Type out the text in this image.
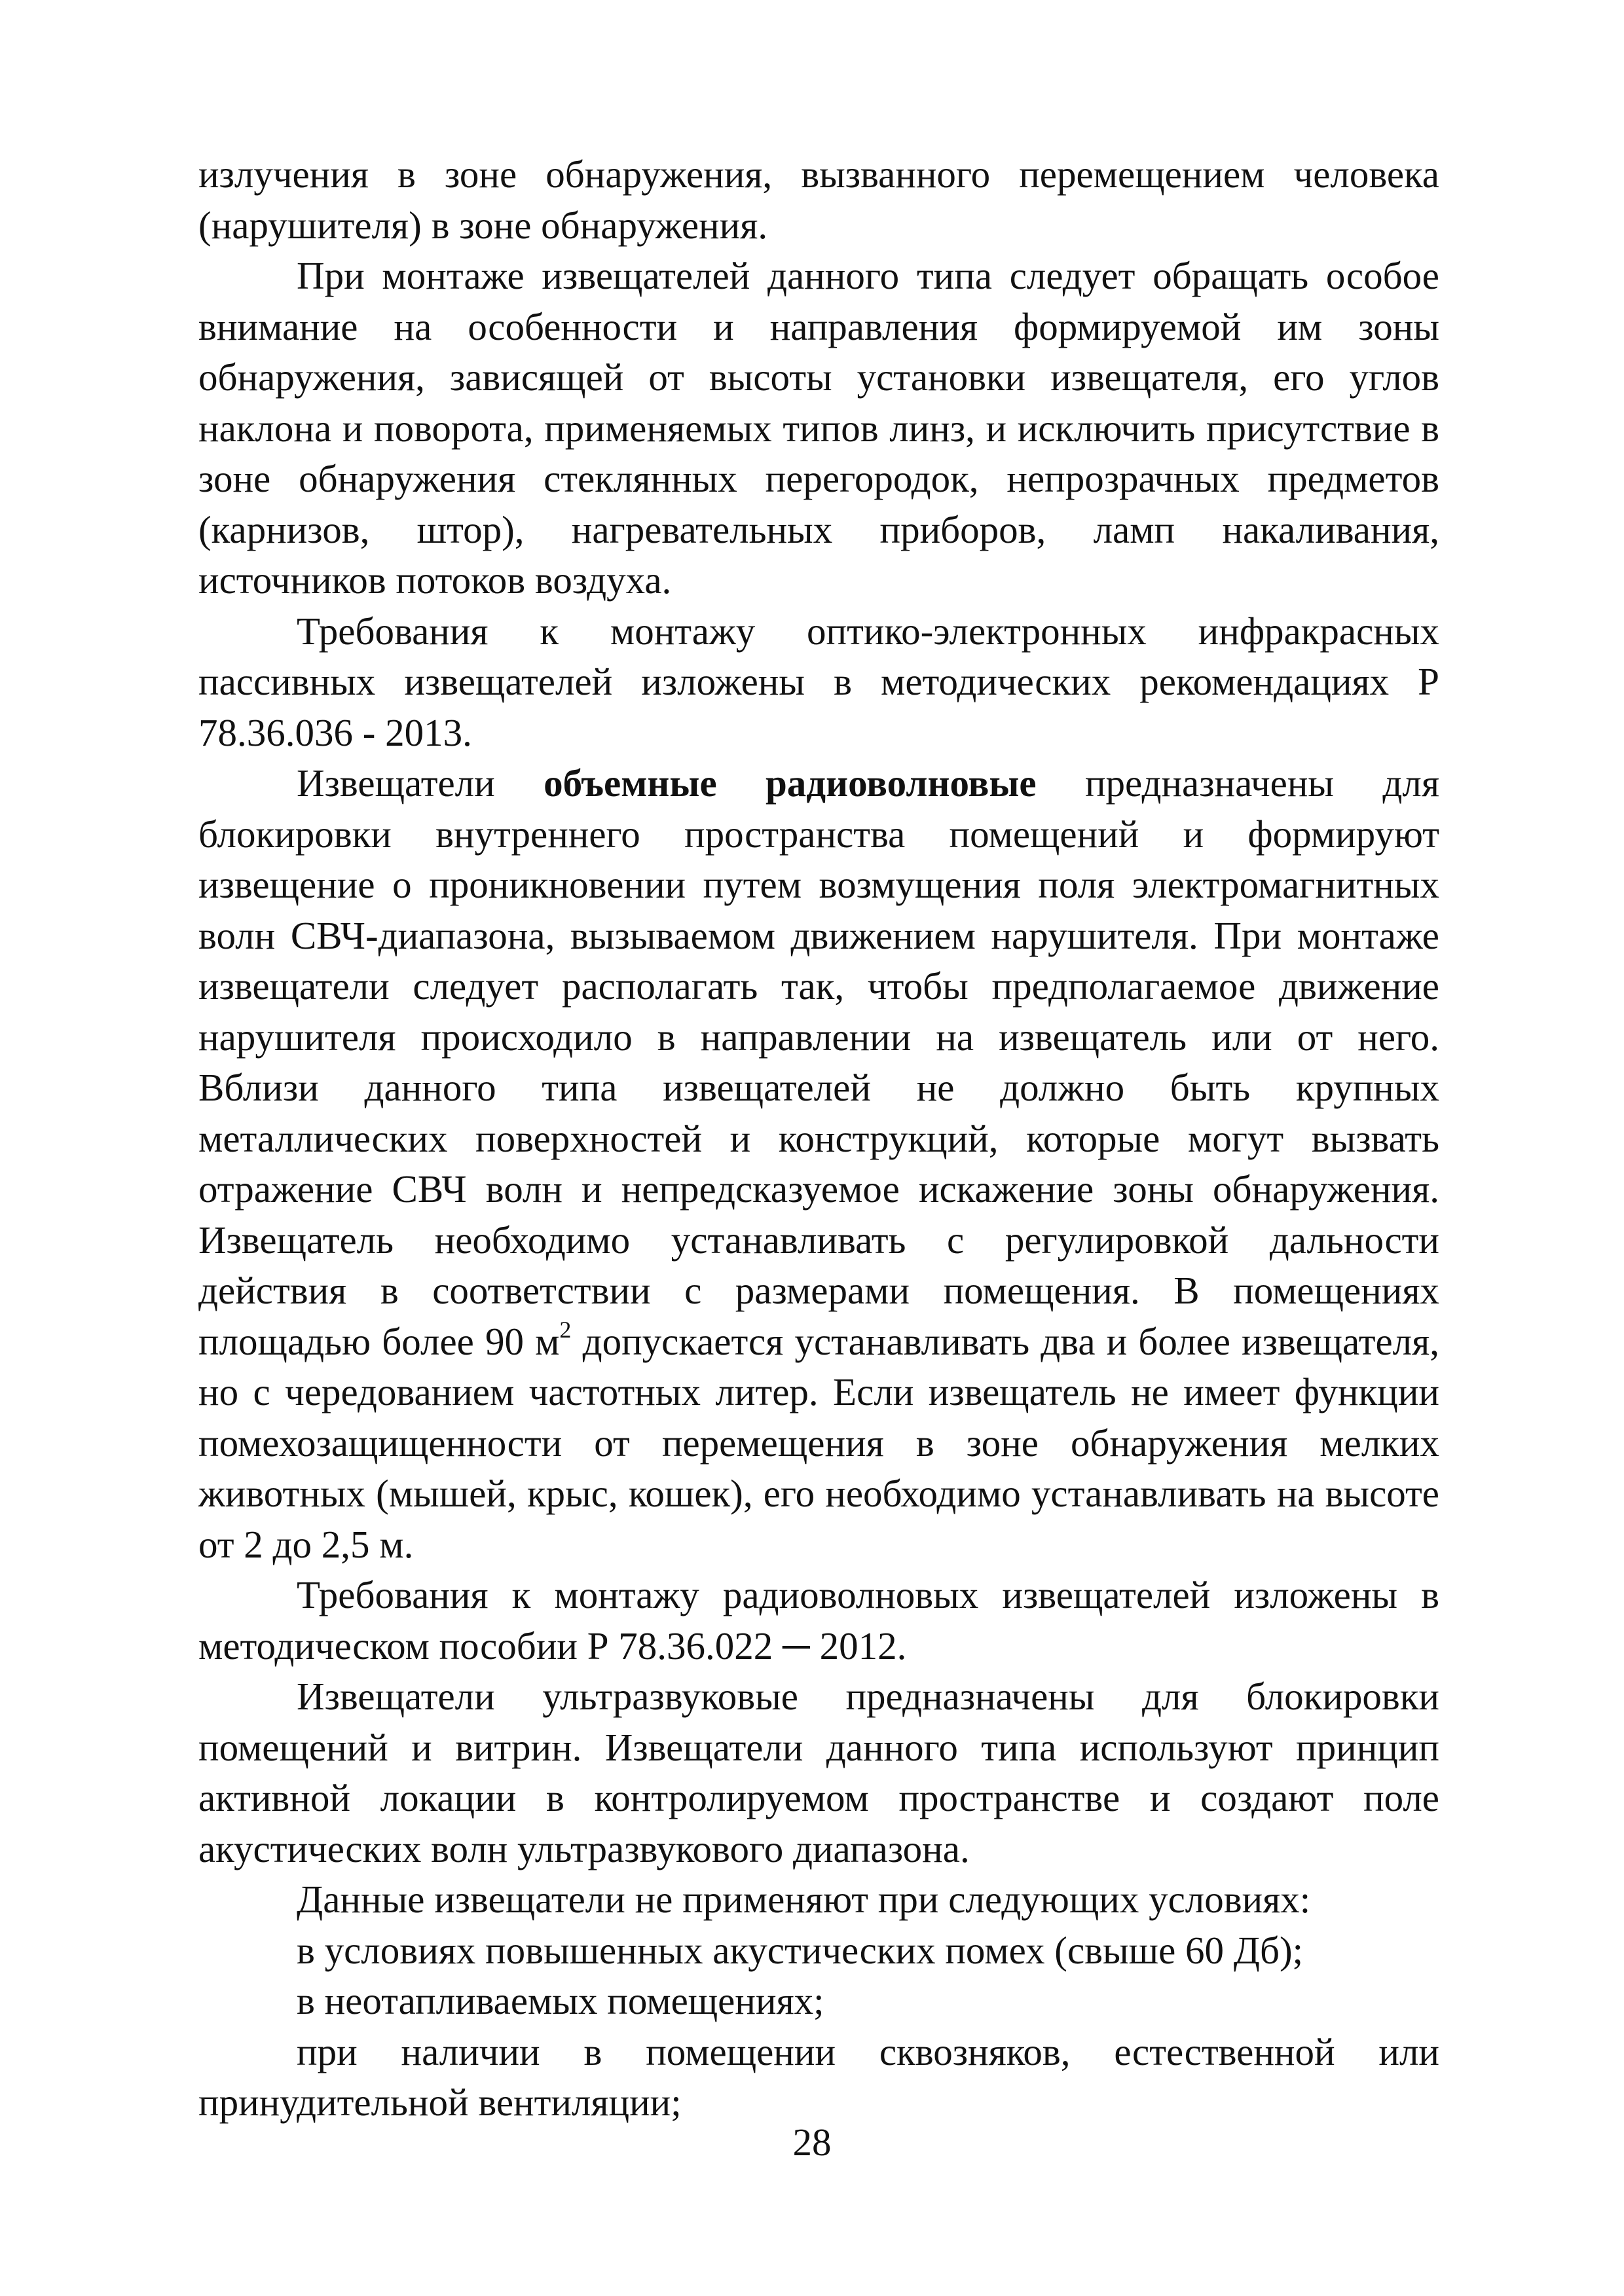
излучения в зоне обнаружения, вызванного перемещением человека (нарушителя) в зоне обнаружения.

При монтаже извещателей данного типа следует обращать особое внимание на особенности и направления формируемой им зоны обнаружения, зависящей от высоты установки извещателя, его углов наклона и поворота, применяемых типов линз, и исключить присутствие в зоне обнаружения стеклянных перегородок, непрозрачных предметов (карнизов, штор), нагревательных приборов, ламп накаливания, источников потоков воздуха.

Требования к монтажу оптико-электронных инфракрасных пассивных извещателей изложены в методических рекомендациях Р 78.36.036 - 2013.

Извещатели объемные радиоволновые предназначены для блокировки внутреннего пространства помещений и формируют извещение о проникновении путем возмущения поля электромагнитных волн СВЧ-диапазона, вызываемом движением нарушителя. При монтаже извещатели следует располагать так, чтобы предполагаемое движение нарушителя происходило в направлении на извещатель или от него. Вблизи данного типа извещателей не должно быть крупных металлических поверхностей и конструкций, которые могут вызвать отражение СВЧ волн и непредсказуемое искажение зоны обнаружения. Извещатель необходимо устанавливать с регулировкой дальности действия в соответствии с размерами помещения. В помещениях площадью более 90 $м^2$ допускается устанавливать два и более извещателя, но с чередованием частотных литер. Если извещатель не имеет функции помехозащищенности от перемещения в зоне обнаружения мелких животных (мышей, крыс, кошек), его необходимо устанавливать на высоте от 2 до 2,5 м.

Требования к монтажу радиоволновых извещателей изложены в методическом пособии Р 78.36.022 ─ 2012.

Извещатели ультразвуковые предназначены для блокировки помещений и витрин. Извещатели данного типа используют принцип активной локации в контролируемом пространстве и создают поле акустических волн ультразвукового диапазона.

Данные извещатели не применяют при следующих условиях:

в условиях повышенных акустических помех (свыше 60 Дб);

в неотапливаемых помещениях;

при наличии в помещении сквозняков, естественной или принудительной вентиляции;

28
